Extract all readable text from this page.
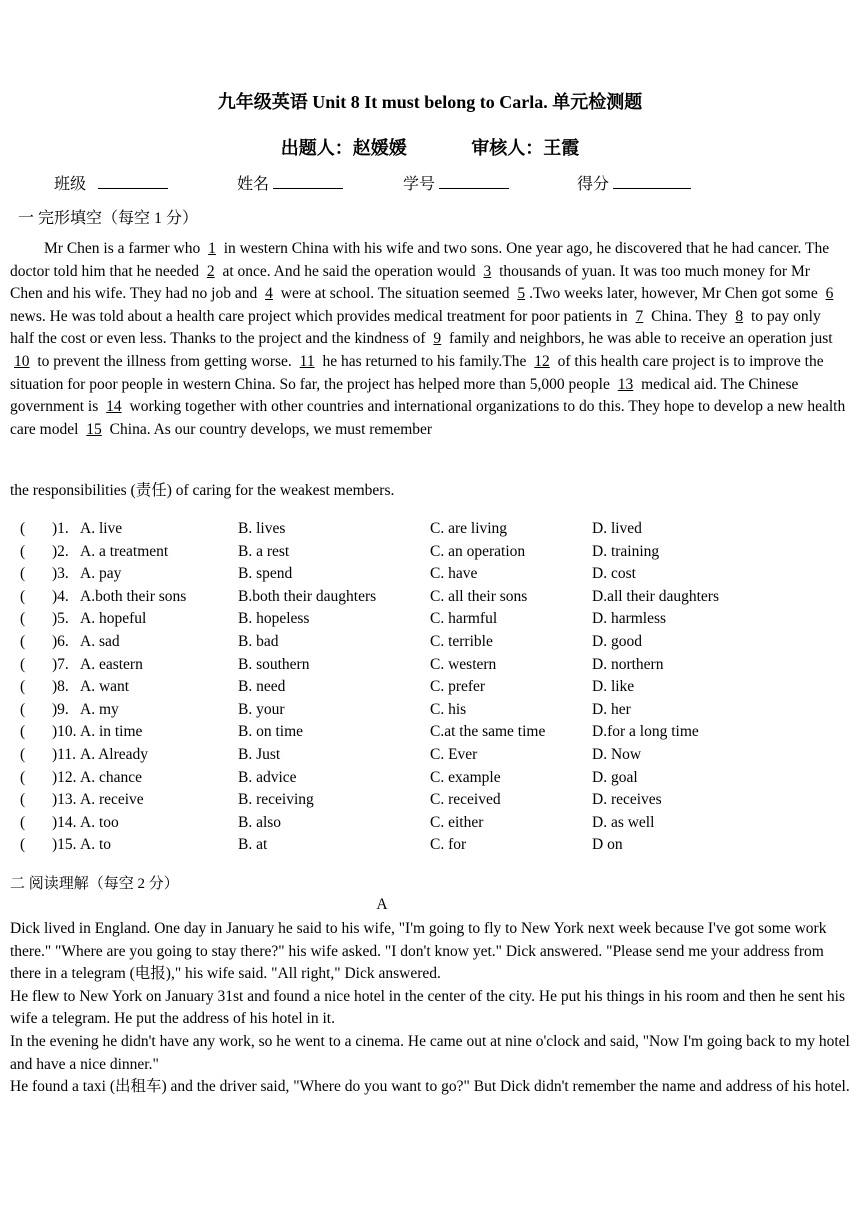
九年级英语 Unit 8 It must belong to Carla. 单元检测题
出题人：赵媛媛	审核人：王霞
班级	姓名	学号	得分
一 完形填空（每空 1 分）

Mr Chen is a farmer who 1 in western China with his wife and two sons. One year ago, he discovered that he had cancer. The doctor told him that he needed 2 at once. And he said the operation would 3 thousands of yuan. It was too much money for Mr Chen and his wife. They had no job and 4 were at school. The situation seemed 5 .Two weeks later, however, Mr Chen got some 6 news. He was told about a health care project which provides medical treatment for poor patients in 7 China. They 8 to pay only half the cost or even less. Thanks to the project and the kindness of 9 family and neighbors, he was able to receive an operation just 10 to prevent the illness from getting worse. 11 he has returned to his family.The 12 of this health care project is to improve the situation for poor people in western China. So far, the project has helped more than 5,000 people 13 medical aid. The Chinese government is 14 working together with other countries and international organizations to do this. They hope to develop a new health care model 15 China. As our country develops, we must remember

the responsibilities (责任) of caring for the weakest members.
( )1. A. live	B. lives	C. are living	D. lived
( )2. A. a treatment	B. a rest	C. an operation	D. training
( )3. A. pay	B. spend	C. have	D. cost
( )4. A.both their sons	B.both their daughters	C. all their sons	D.all their daughters
( )5. A. hopeful	B. hopeless	C. harmful	D. harmless
( )6. A. sad	B. bad	C. terrible	D. good
( )7. A. eastern	B. southern	C. western	D. northern
( )8. A. want	B. need	C. prefer	D. like
( )9. A. my	B. your	C. his	D. her
( )10. A. in time	B. on time	C.at the same time	D.for a long time
( )11. A. Already	B. Just	C. Ever	D. Now
( )12. A. chance	B. advice	C. example	D. goal
( )13. A. receive	B. receiving	C. received	D. receives
( )14. A. too	B. also	C. either	D. as well
( )15. A. to	B. at	C. for	D on
二 阅读理解（每空 2 分）
A

Dick lived in England. One day in January he said to his wife, "I'm going to fly to New York next week because I've got some work there." "Where are you going to stay there?" his wife asked. "I don't know yet." Dick answered. "Please send me your address from there in a telegram (电报)," his wife said. "All right," Dick answered.

He flew to New York on January 31st and found a nice hotel in the center of the city. He put his things in his room and then he sent his wife a telegram. He put the address of his hotel in it.

In the evening he didn't have any work, so he went to a cinema. He came out at nine o'clock and said, "Now I'm going back to my hotel and have a nice dinner."

He found a taxi (出租车) and the driver said, "Where do you want to go?" But Dick didn't remember the name and address of his hotel.
